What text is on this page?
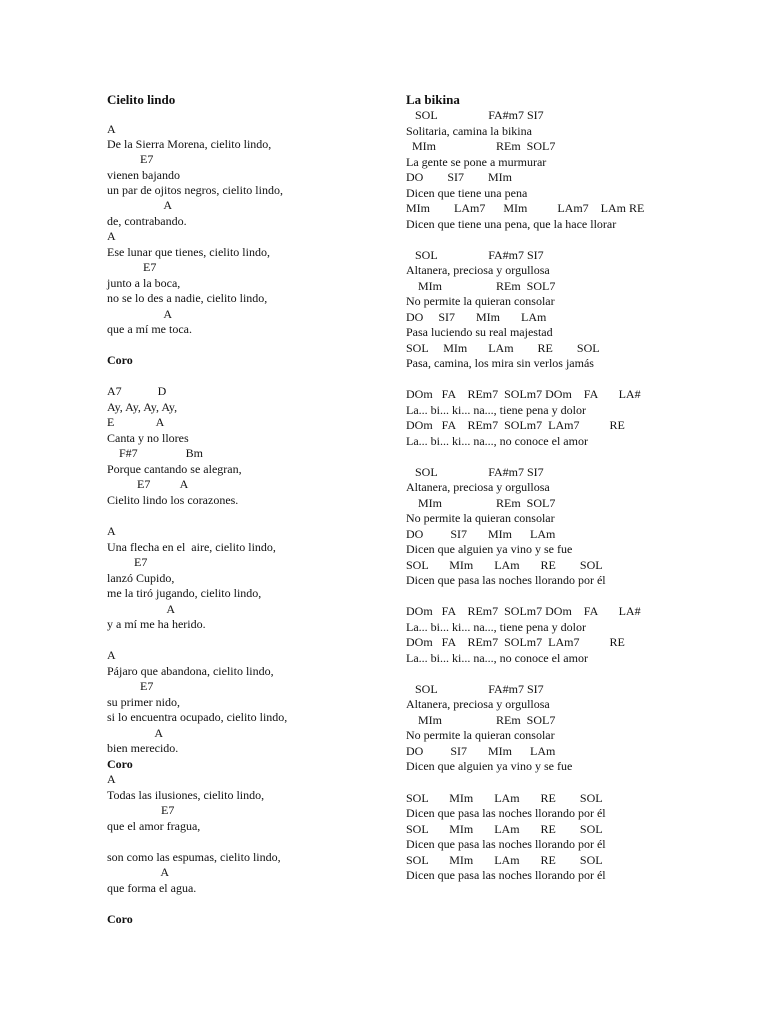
Cielito lindo
A
De la Sierra Morena, cielito lindo,
E7
vienen bajando
un par de ojitos negros, cielito lindo,
A
de, contrabando.
A
Ese lunar que tienes, cielito lindo,
E7
junto a la boca,
no se lo des a nadie, cielito lindo,
A
que a mí me toca.
Coro
A7            D
Ay, Ay, Ay, Ay,
E              A
Canta y no llores
F#7                Bm
Porque cantando se alegran,
E7          A
Cielito lindo los corazones.
A
Una flecha en el  aire, cielito lindo,
E7
lanzó Cupido,
me la tiró jugando, cielito lindo,
A
y a mí me ha herido.
A
Pájaro que abandona, cielito lindo,
E7
su primer nido,
si lo encuentra ocupado, cielito lindo,
A
bien merecido.
Coro
A
Todas las ilusiones, cielito lindo,
E7
que el amor fragua,
son como las espumas, cielito lindo,
A
que forma el agua.
Coro
La bikina
SOL                 FA#m7 SI7
Solitaria, camina la bikina
MIm                    REm  SOL7
La gente se pone a murmurar
DO        SI7        MIm
Dicen que tiene una pena
MIm        LAm7      MIm          LAm7    LAm RE
Dicen que tiene una pena, que la hace llorar
SOL                 FA#m7 SI7
Altanera, preciosa y orgullosa
MIm                  REm  SOL7
No permite la quieran consolar
DO     SI7       MIm       LAm
Pasa luciendo su real majestad
SOL     MIm       LAm        RE        SOL
Pasa, camina, los mira sin verlos jamás
DOm   FA    REm7  SOLm7 DOm    FA       LA#
La... bi... ki... na..., tiene pena y dolor
DOm   FA    REm7  SOLm7  LAm7          RE
La... bi... ki... na..., no conoce el amor
SOL                 FA#m7 SI7
Altanera, preciosa y orgullosa
MIm                  REm  SOL7
No permite la quieran consolar
DO         SI7       MIm      LAm
Dicen que alguien ya vino y se fue
SOL       MIm       LAm       RE        SOL
Dicen que pasa las noches llorando por él
DOm   FA    REm7  SOLm7 DOm    FA       LA#
La... bi... ki... na..., tiene pena y dolor
DOm   FA    REm7  SOLm7  LAm7          RE
La... bi... ki... na..., no conoce el amor
SOL                 FA#m7 SI7
Altanera, preciosa y orgullosa
MIm                  REm  SOL7
No permite la quieran consolar
DO         SI7       MIm      LAm
Dicen que alguien ya vino y se fue
SOL       MIm       LAm       RE        SOL
Dicen que pasa las noches llorando por él
SOL       MIm       LAm       RE        SOL
Dicen que pasa las noches llorando por él
SOL       MIm       LAm       RE        SOL
Dicen que pasa las noches llorando por él
